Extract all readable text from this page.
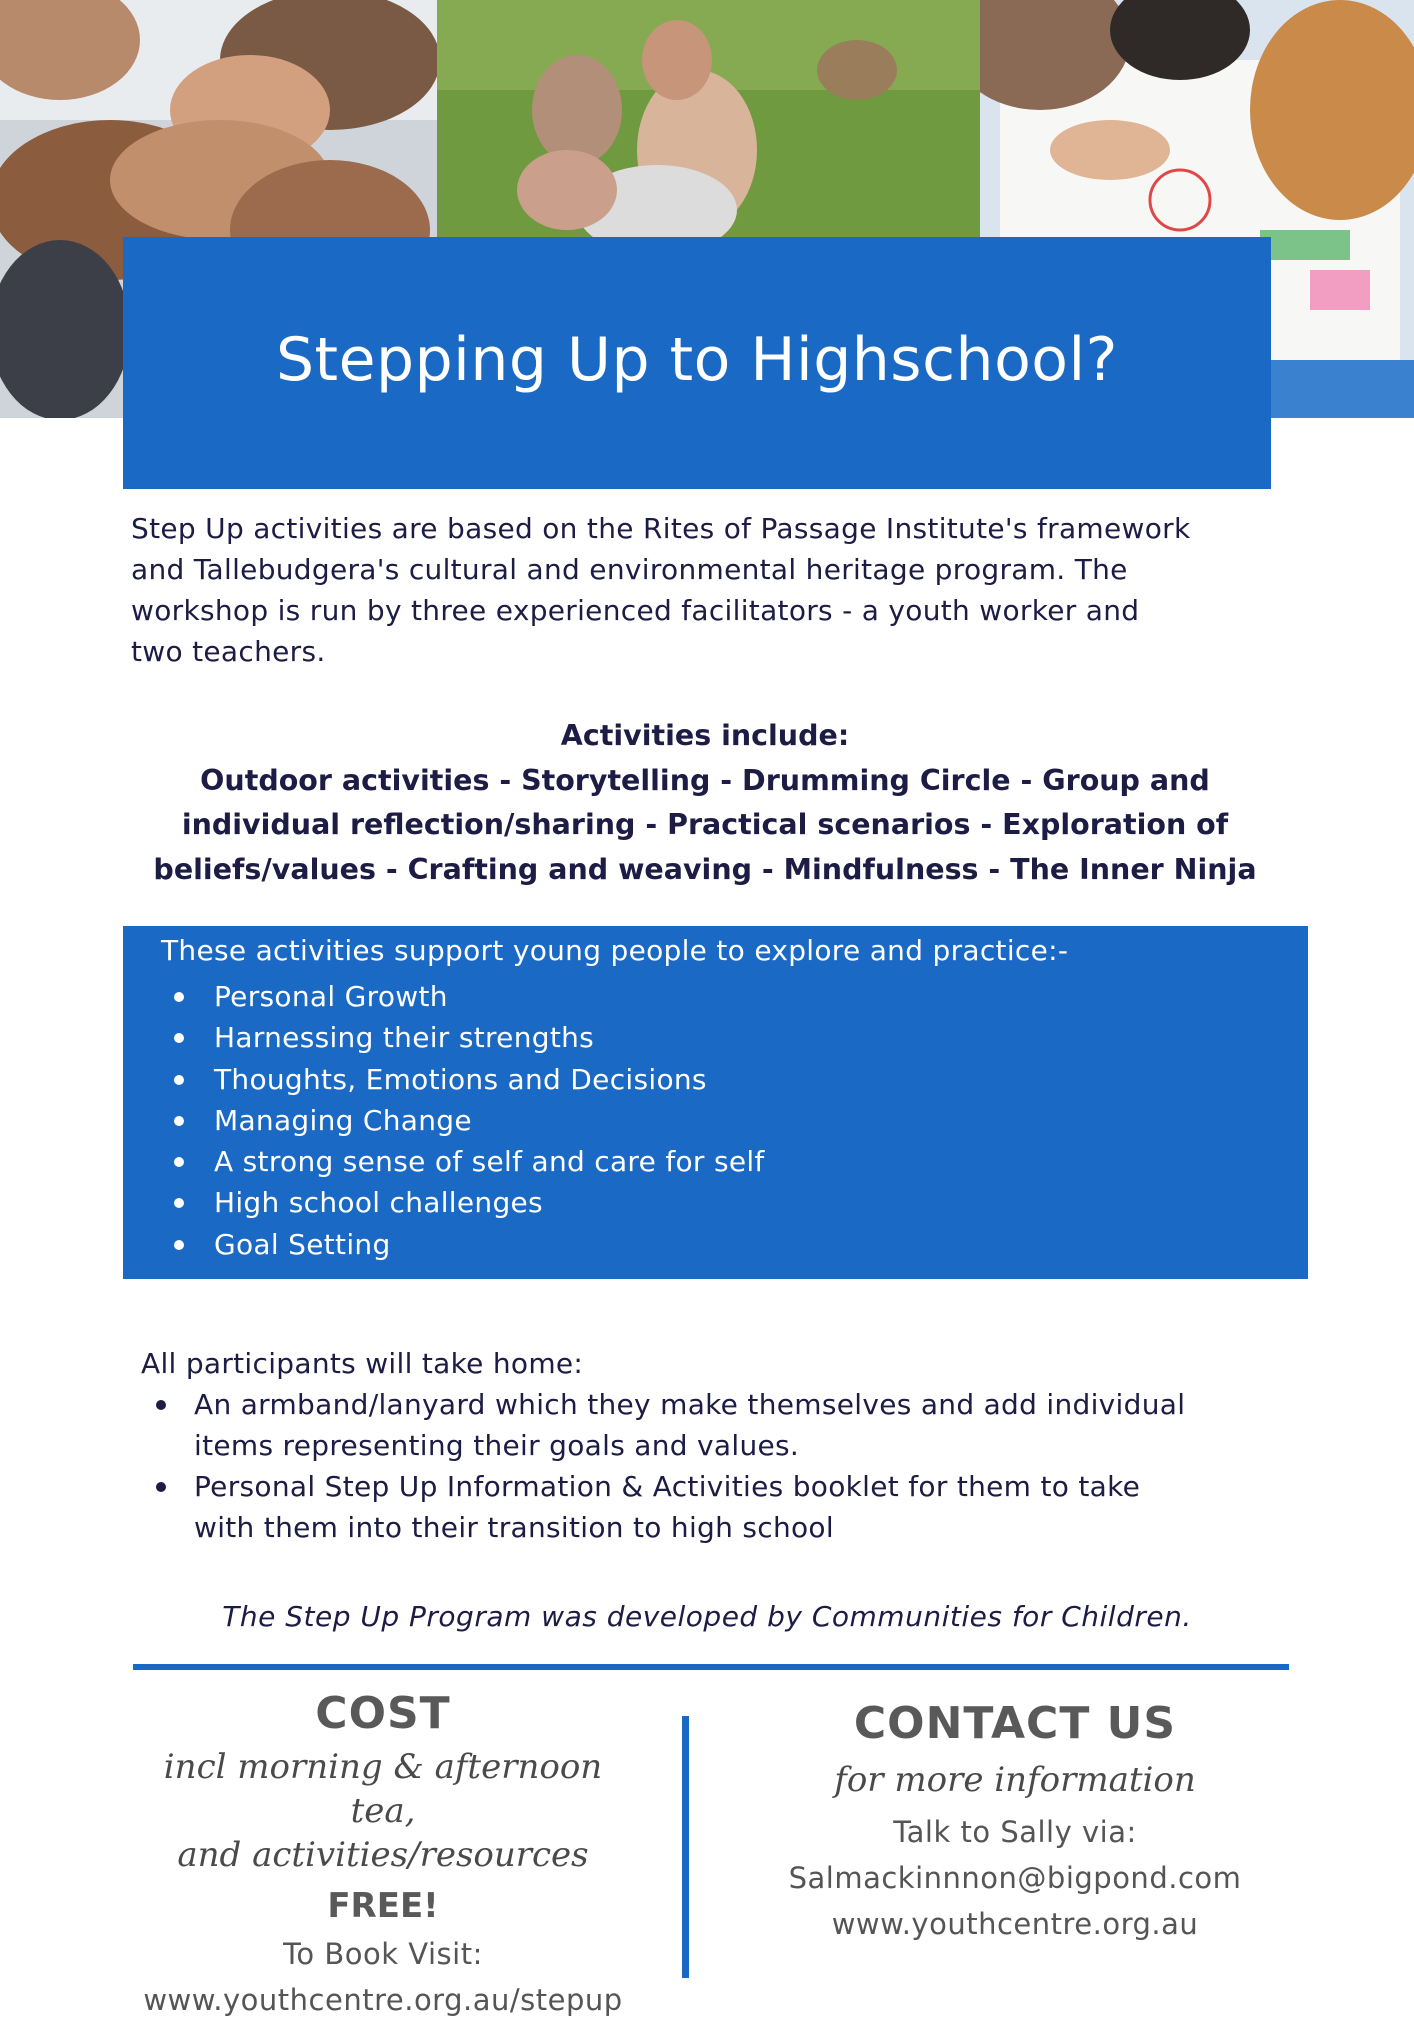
Stepping Up to Highschool?

Step Up activities are based on the Rites of Passage Institute's framework
and Tallebudgera's cultural and environmental heritage program. The
workshop is run by three experienced facilitators - a youth worker and
two teachers.

Activities include:

Outdoor activities - Storytelling - Drumming Circle - Group and

individual reflection/sharing - Practical scenarios - Exploration of

beliefs/values - Crafting and weaving - Mindfulness - The Inner Ninja

These activities support young people to explore and practice:-
Personal Growth
Harnessing their strengths
Thoughts, Emotions and Decisions
Managing Change
A strong sense of self and care for self
High school challenges
Goal Setting

All participants will take home:

An armband/lanyard which they make themselves and add individual
items representing their goals and values.
Personal Step Up Information & Activities booklet for them to take
with them into their transition to high school
The Step Up Program was developed by Communities for Children.
COST
incl morning & afternoon tea,
and activities/resources
FREE!
To Book Visit:
www.youthcentre.org.au/stepup
CONTACT US
for more information
Talk to Sally via:
Salmackinnnon@bigpond.com
www.youthcentre.org.au
